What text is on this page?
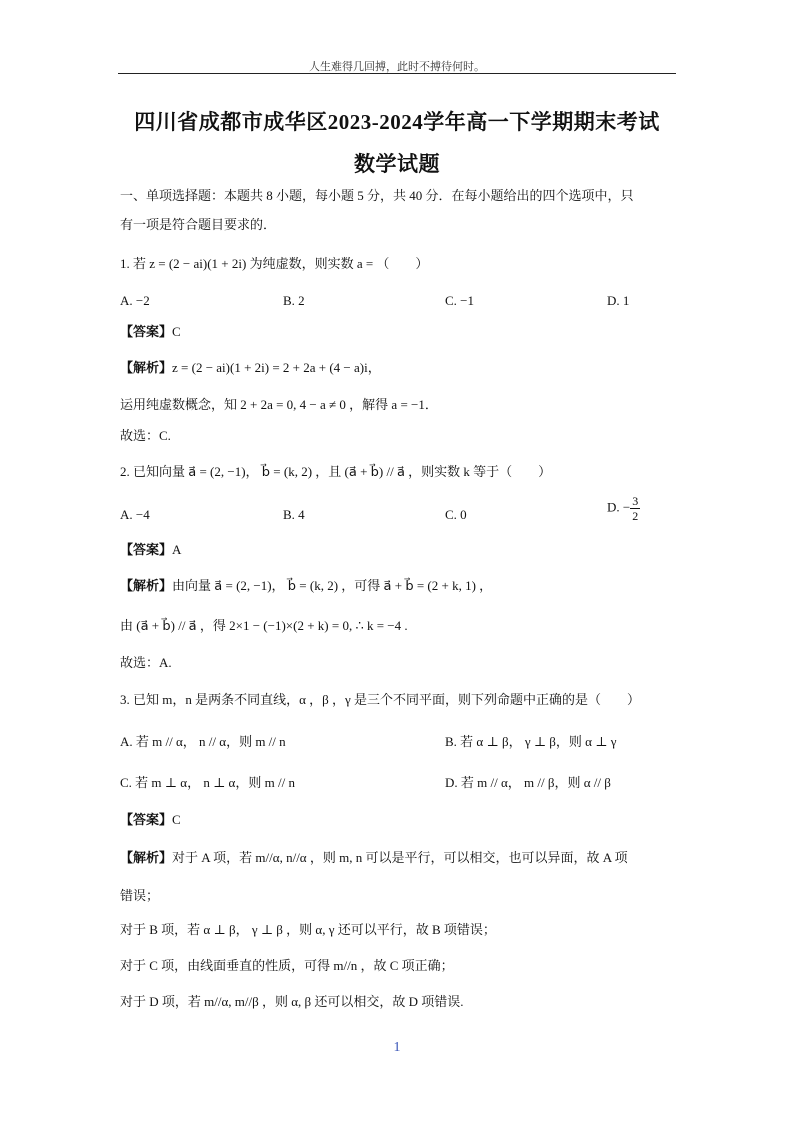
人生难得几回搏，此时不搏待何时。
四川省成都市成华区2023-2024学年高一下学期期末考试
数学试题
一、单项选择题：本题共 8 小题，每小题 5 分，共 40 分．在每小题给出的四个选项中，只
有一项是符合题目要求的．
1. 若 z = (2 − ai)(1 + 2i) 为纯虚数，则实数 a = （　　）
A. −2	B. 2	C. −1	D. 1
【答案】C
【解析】z = (2 − ai)(1 + 2i) = 2 + 2a + (4 − a)i，
运用纯虚数概念，知 2 + 2a = 0, 4 − a ≠ 0 ，解得 a = −1．
故选：C.
2. 已知向量 a⃗ = (2, −1)， b⃗ = (k, 2) ，且 (a⃗ + b⃗) // a⃗ ，则实数 k 等于（　　）
A. −4	B. 4	C. 0
D. − $\frac{3}{2}$
【答案】A
【解析】由向量 a⃗ = (2, −1)， b⃗ = (k, 2) ，可得 a⃗ + b⃗ = (2 + k, 1) ，
由 (a⃗ + b⃗) // a⃗ ，得 2×1 − (−1)×(2 + k) = 0, ∴ k = −4 .
故选：A.
3. 已知 m，n 是两条不同直线，α ，β ，γ 是三个不同平面，则下列命题中正确的是（　　）
A. 若 m // α， n // α，则 m // n	B. 若 α ⊥ β， γ ⊥ β，则 α ⊥ γ
C. 若 m ⊥ α， n ⊥ α，则 m // n	D. 若 m // α， m // β，则 α // β
【答案】C
【解析】对于 A 项，若 m//α, n//α ，则 m, n 可以是平行，可以相交，也可以异面，故 A 项
错误；
对于 B 项，若 α ⊥ β， γ ⊥ β ，则 α, γ 还可以平行，故 B 项错误；
对于 C 项，由线面垂直的性质，可得 m//n ，故 C 项正确；
对于 D 项，若 m//α, m//β ，则 α, β 还可以相交，故 D 项错误.
1
